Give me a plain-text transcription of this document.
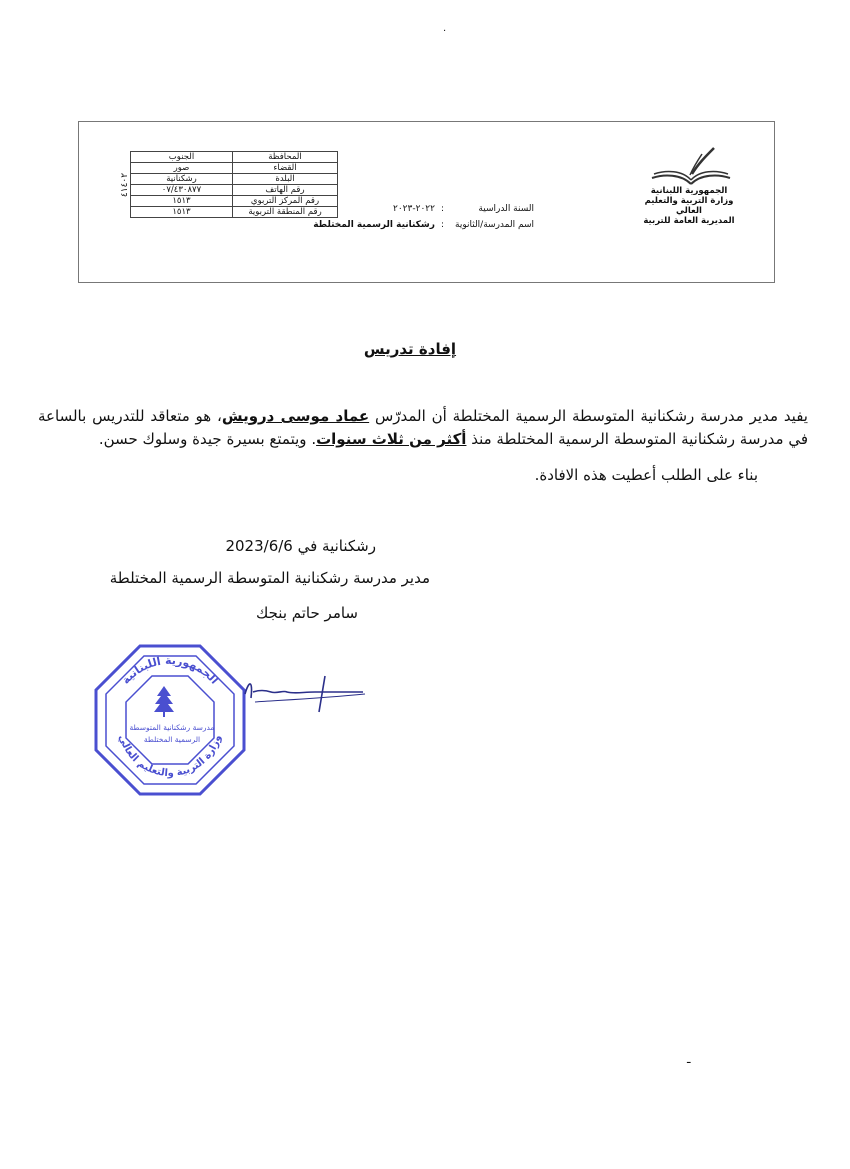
·
الجمهورية اللبنانية
وزارة التربية والتعليم العالي
المديرية العامة للتربية
السنة الدراسية:٢٠٢٢-٢٠٢٣
اسم المدرسة/الثانوية:رشكنانية الرسمية المختلطة
المحافظة	الجنوب
القضاء	صور
البلدة	رشكنانية
رقم الهاتف	٠٧/٤٣٠٨٧٧
رقم المركز التربوي	١٥١٣
رقم المنطقة التربوية	١٥١٣
٤١٤٠٢
إفادة تدريس
يفيد مدير مدرسة رشكنانية المتوسطة الرسمية المختلطة أن المدرّس عماد موسى درويش، هو متعاقد للتدريس بالساعة في مدرسة رشكنانية المتوسطة الرسمية المختلطة منذ أكثر من ثلاث سنوات. ويتمتع بسيرة جيدة وسلوك حسن.
بناء على الطلب أعطيت هذه الافادة.
رشكنانية في 2023/6/6
مدير مدرسة رشكنانية المتوسطة الرسمية المختلطة
سامر حاتم بنجك
الجمهورية اللبنانية
وزارة التربية والتعليم العالي
مدرسة رشكنانية المتوسطة
الرسمية المختلطة
ـ
